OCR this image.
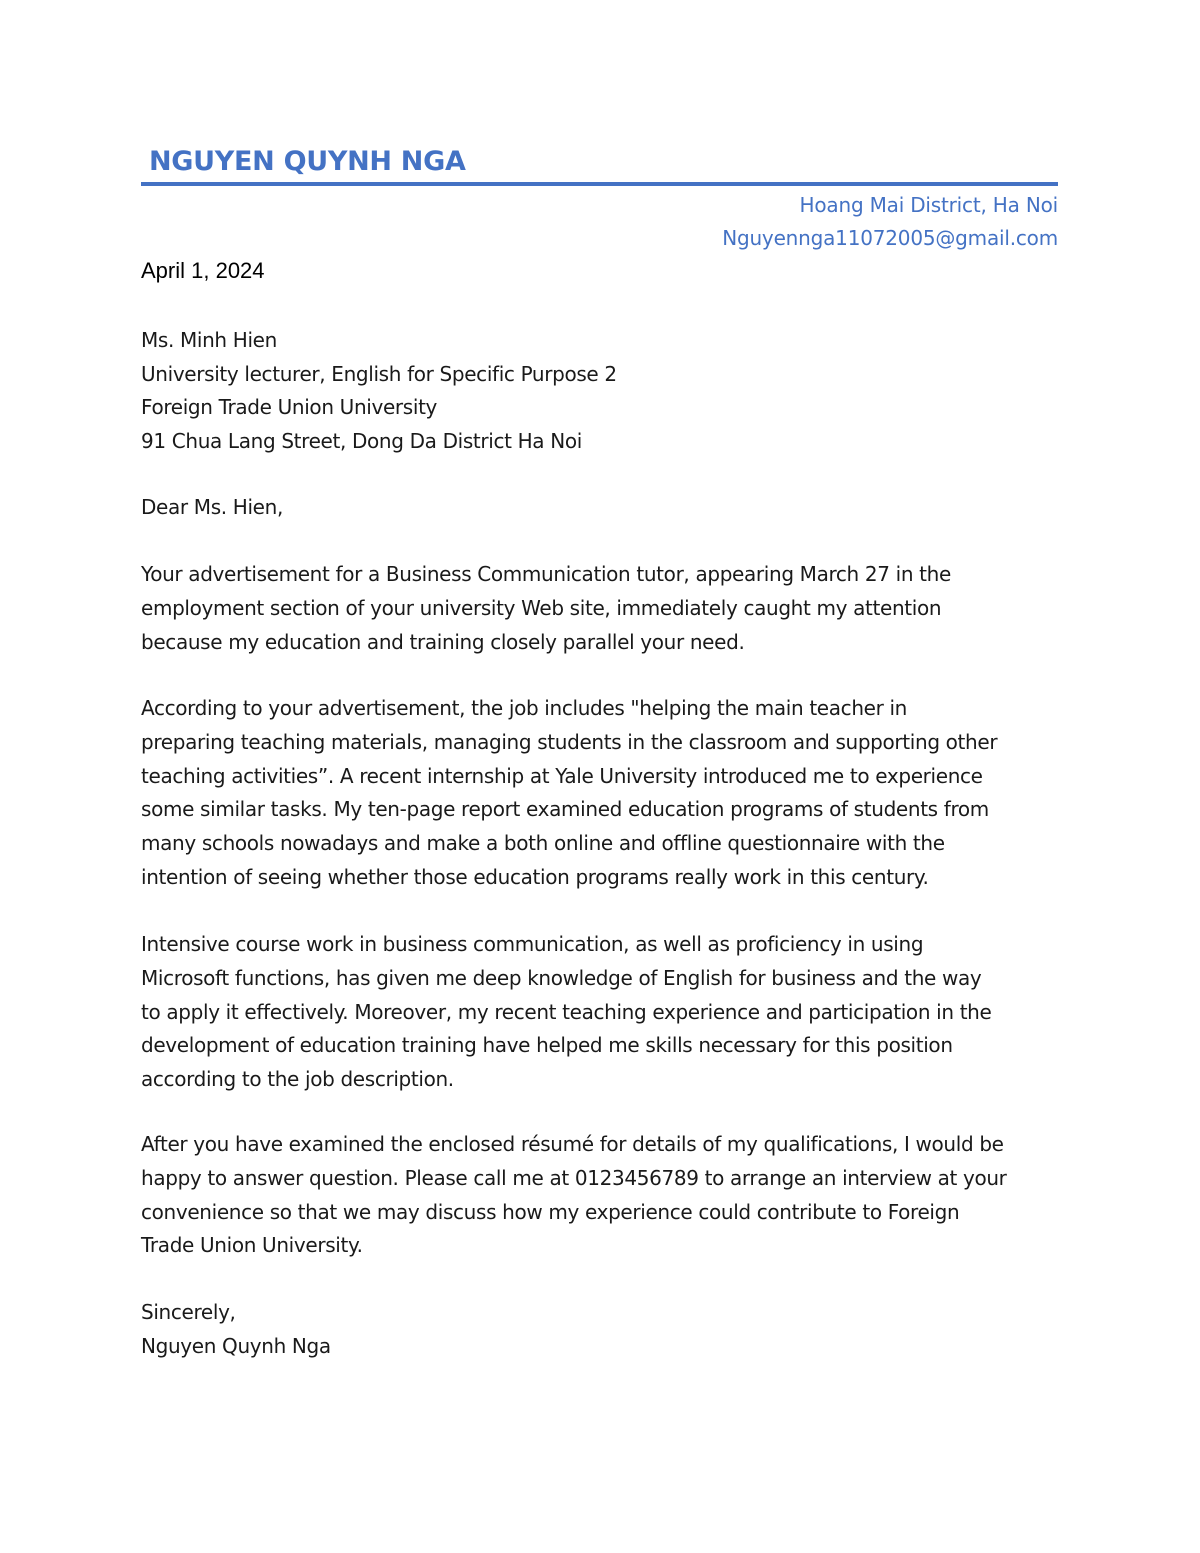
NGUYEN QUYNH NGA
Hoang Mai District, Ha Noi
Nguyennga11072005@gmail.com
April 1, 2024
Ms. Minh Hien
University lecturer, English for Specific Purpose 2
Foreign Trade Union University
91 Chua Lang Street, Dong Da District Ha Noi
Dear Ms. Hien,
Your advertisement for a Business Communication tutor, appearing March 27 in the
employment section of your university Web site, immediately caught my attention
because my education and training closely parallel your need.
According to your advertisement, the job includes "helping the main teacher in
preparing teaching materials, managing students in the classroom and supporting other
teaching activities”. A recent internship at Yale University introduced me to experience
some similar tasks. My ten-page report examined education programs of students from
many schools nowadays and make a both online and offline questionnaire with the
intention of seeing whether those education programs really work in this century.
Intensive course work in business communication, as well as proficiency in using
Microsoft functions, has given me deep knowledge of English for business and the way
to apply it effectively. Moreover, my recent teaching experience and participation in the
development of education training have helped me skills necessary for this position
according to the job description.
After you have examined the enclosed résumé for details of my qualifications, I would be
happy to answer question. Please call me at 0123456789 to arrange an interview at your
convenience so that we may discuss how my experience could contribute to Foreign
Trade Union University.
Sincerely,
Nguyen Quynh Nga
